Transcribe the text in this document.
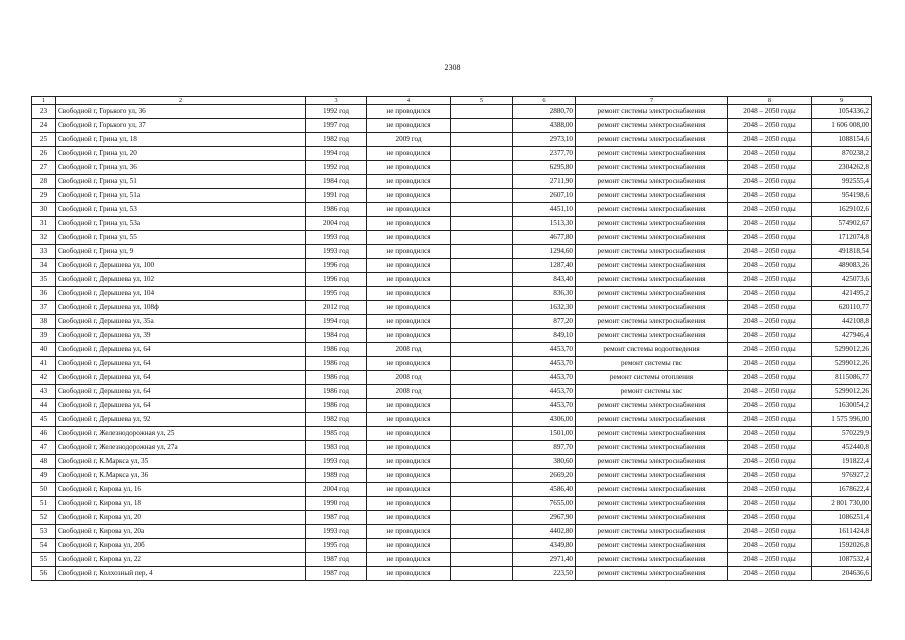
2308
1	2	3	4	5	6	7	8	9
23	Свободной г, Горького ул, 36	1992 год	не проводился		2880,70	ремонт системы электроснабжения	2048 – 2050 годы	1054336,2
24	Свободной г, Горького ул, 37	1997 год	не проводился		4388,00	ремонт системы электроснабжения	2048 – 2050 годы	1 606 008,00
25	Свободной г, Грина ул, 18	1982 год	2009 год		2973,10	ремонт системы электроснабжения	2048 – 2050 годы	1088154,6
26	Свободной г, Грина ул, 20	1994 год	не проводился		2377,70	ремонт системы электроснабжения	2048 – 2050 годы	870238,2
27	Свободной г, Грина ул, 36	1992 год	не проводился		6295,80	ремонт системы электроснабжения	2048 – 2050 годы	2304262,8
28	Свободной г, Грина ул, 51	1984 год	не проводился		2711,90	ремонт системы электроснабжения	2048 – 2050 годы	992555,4
29	Свободной г, Грина ул, 51а	1991 год	не проводился		2607,10	ремонт системы электроснабжения	2048 – 2050 годы	954198,6
30	Свободной г, Грина ул, 53	1986 год	не проводился		4451,10	ремонт системы электроснабжения	2048 – 2050 годы	1629102,6
31	Свободной г, Грина ул, 53а	2004 год	не проводился		1513,30	ремонт системы электроснабжения	2048 – 2050 годы	574902,67
32	Свободной г, Грина ул, 55	1993 год	не проводился		4677,80	ремонт системы электроснабжения	2048 – 2050 годы	1712074,8
33	Свободной г, Грина ул, 9	1993 год	не проводился		1294,60	ремонт системы электроснабжения	2048 – 2050 годы	491818,54
34	Свободной г, Дерышева ул, 100	1996 год	не проводился		1287,40	ремонт системы электроснабжения	2048 – 2050 годы	489083,26
35	Свободной г, Дерышева ул, 102	1996 год	не проводился		843,40	ремонт системы электроснабжения	2048 – 2050 годы	425073,6
36	Свободной г, Дерышева ул, 104	1995 год	не проводился		836,30	ремонт системы электроснабжения	2048 – 2050 годы	421495,2
37	Свободной г, Дерышева ул, 108ф	2012 год	не проводился		1632,30	ремонт системы электроснабжения	2048 – 2050 годы	620110,77
38	Свободной г, Дерышева ул, 35а	1994 год	не проводился		877,20	ремонт системы электроснабжения	2048 – 2050 годы	442108,8
39	Свободной г, Дерышева ул, 39	1984 год	не проводился		849,10	ремонт системы электроснабжения	2048 – 2050 годы	427946,4
40	Свободной г, Дерышева ул, 64	1986 год	2008 год		4453,70	ремонт системы водоотведения	2048 – 2050 годы	5299012,26
41	Свободной г, Дерышева ул, 64	1986 год	не проводился		4453,70	ремонт системы гвс	2048 – 2050 годы	5299012,26
42	Свободной г, Дерышева ул, 64	1986 год	2008 год		4453,70	ремонт системы отопления	2048 – 2050 годы	8115086,77
43	Свободной г, Дерышева ул, 64	1986 год	2008 год		4453,70	ремонт системы хвс	2048 – 2050 годы	5299012,26
44	Свободной г, Дерышева ул, 64	1986 год	не проводился		4453,70	ремонт системы электроснабжения	2048 – 2050 годы	1630054,2
45	Свободной г, Дерышева ул, 92	1982 год	не проводился		4306,00	ремонт системы электроснабжения	2048 – 2050 годы	1 575 996,00
46	Свободной г, Железнодорожная ул, 25	1985 год	не проводился		1501,00	ремонт системы электроснабжения	2048 – 2050 годы	570229,9
47	Свободной г, Железнодорожная ул, 27а	1983 год	не проводился		897,70	ремонт системы электроснабжения	2048 – 2050 годы	452440,8
48	Свободной г, К.Маркса ул, 35	1993 год	не проводился		380,60	ремонт системы электроснабжения	2048 – 2050 годы	191822,4
49	Свободной г, К.Маркса ул, 36	1989 год	не проводился		2669,20	ремонт системы электроснабжения	2048 – 2050 годы	976927,2
50	Свободной г, Кирова ул, 16	2004 год	не проводился		4586,40	ремонт системы электроснабжения	2048 – 2050 годы	1678622,4
51	Свободной г, Кирова ул, 18	1990 год	не проводился		7655,00	ремонт системы электроснабжения	2048 – 2050 годы	2 801 730,00
52	Свободной г, Кирова ул, 20	1987 год	не проводился		2967,90	ремонт системы электроснабжения	2048 – 2050 годы	1086251,4
53	Свободной г, Кирова ул, 20а	1993 год	не проводился		4402,80	ремонт системы электроснабжения	2048 – 2050 годы	1611424,8
54	Свободной г, Кирова ул, 20б	1995 год	не проводился		4349,80	ремонт системы электроснабжения	2048 – 2050 годы	1592026,8
55	Свободной г, Кирова ул, 22	1987 год	не проводился		2971,40	ремонт системы электроснабжения	2048 – 2050 годы	1087532,4
56	Свободной г, Колхозный пер, 4	1987 год	не проводился		223,50	ремонт системы электроснабжения	2048 – 2050 годы	204636,6
